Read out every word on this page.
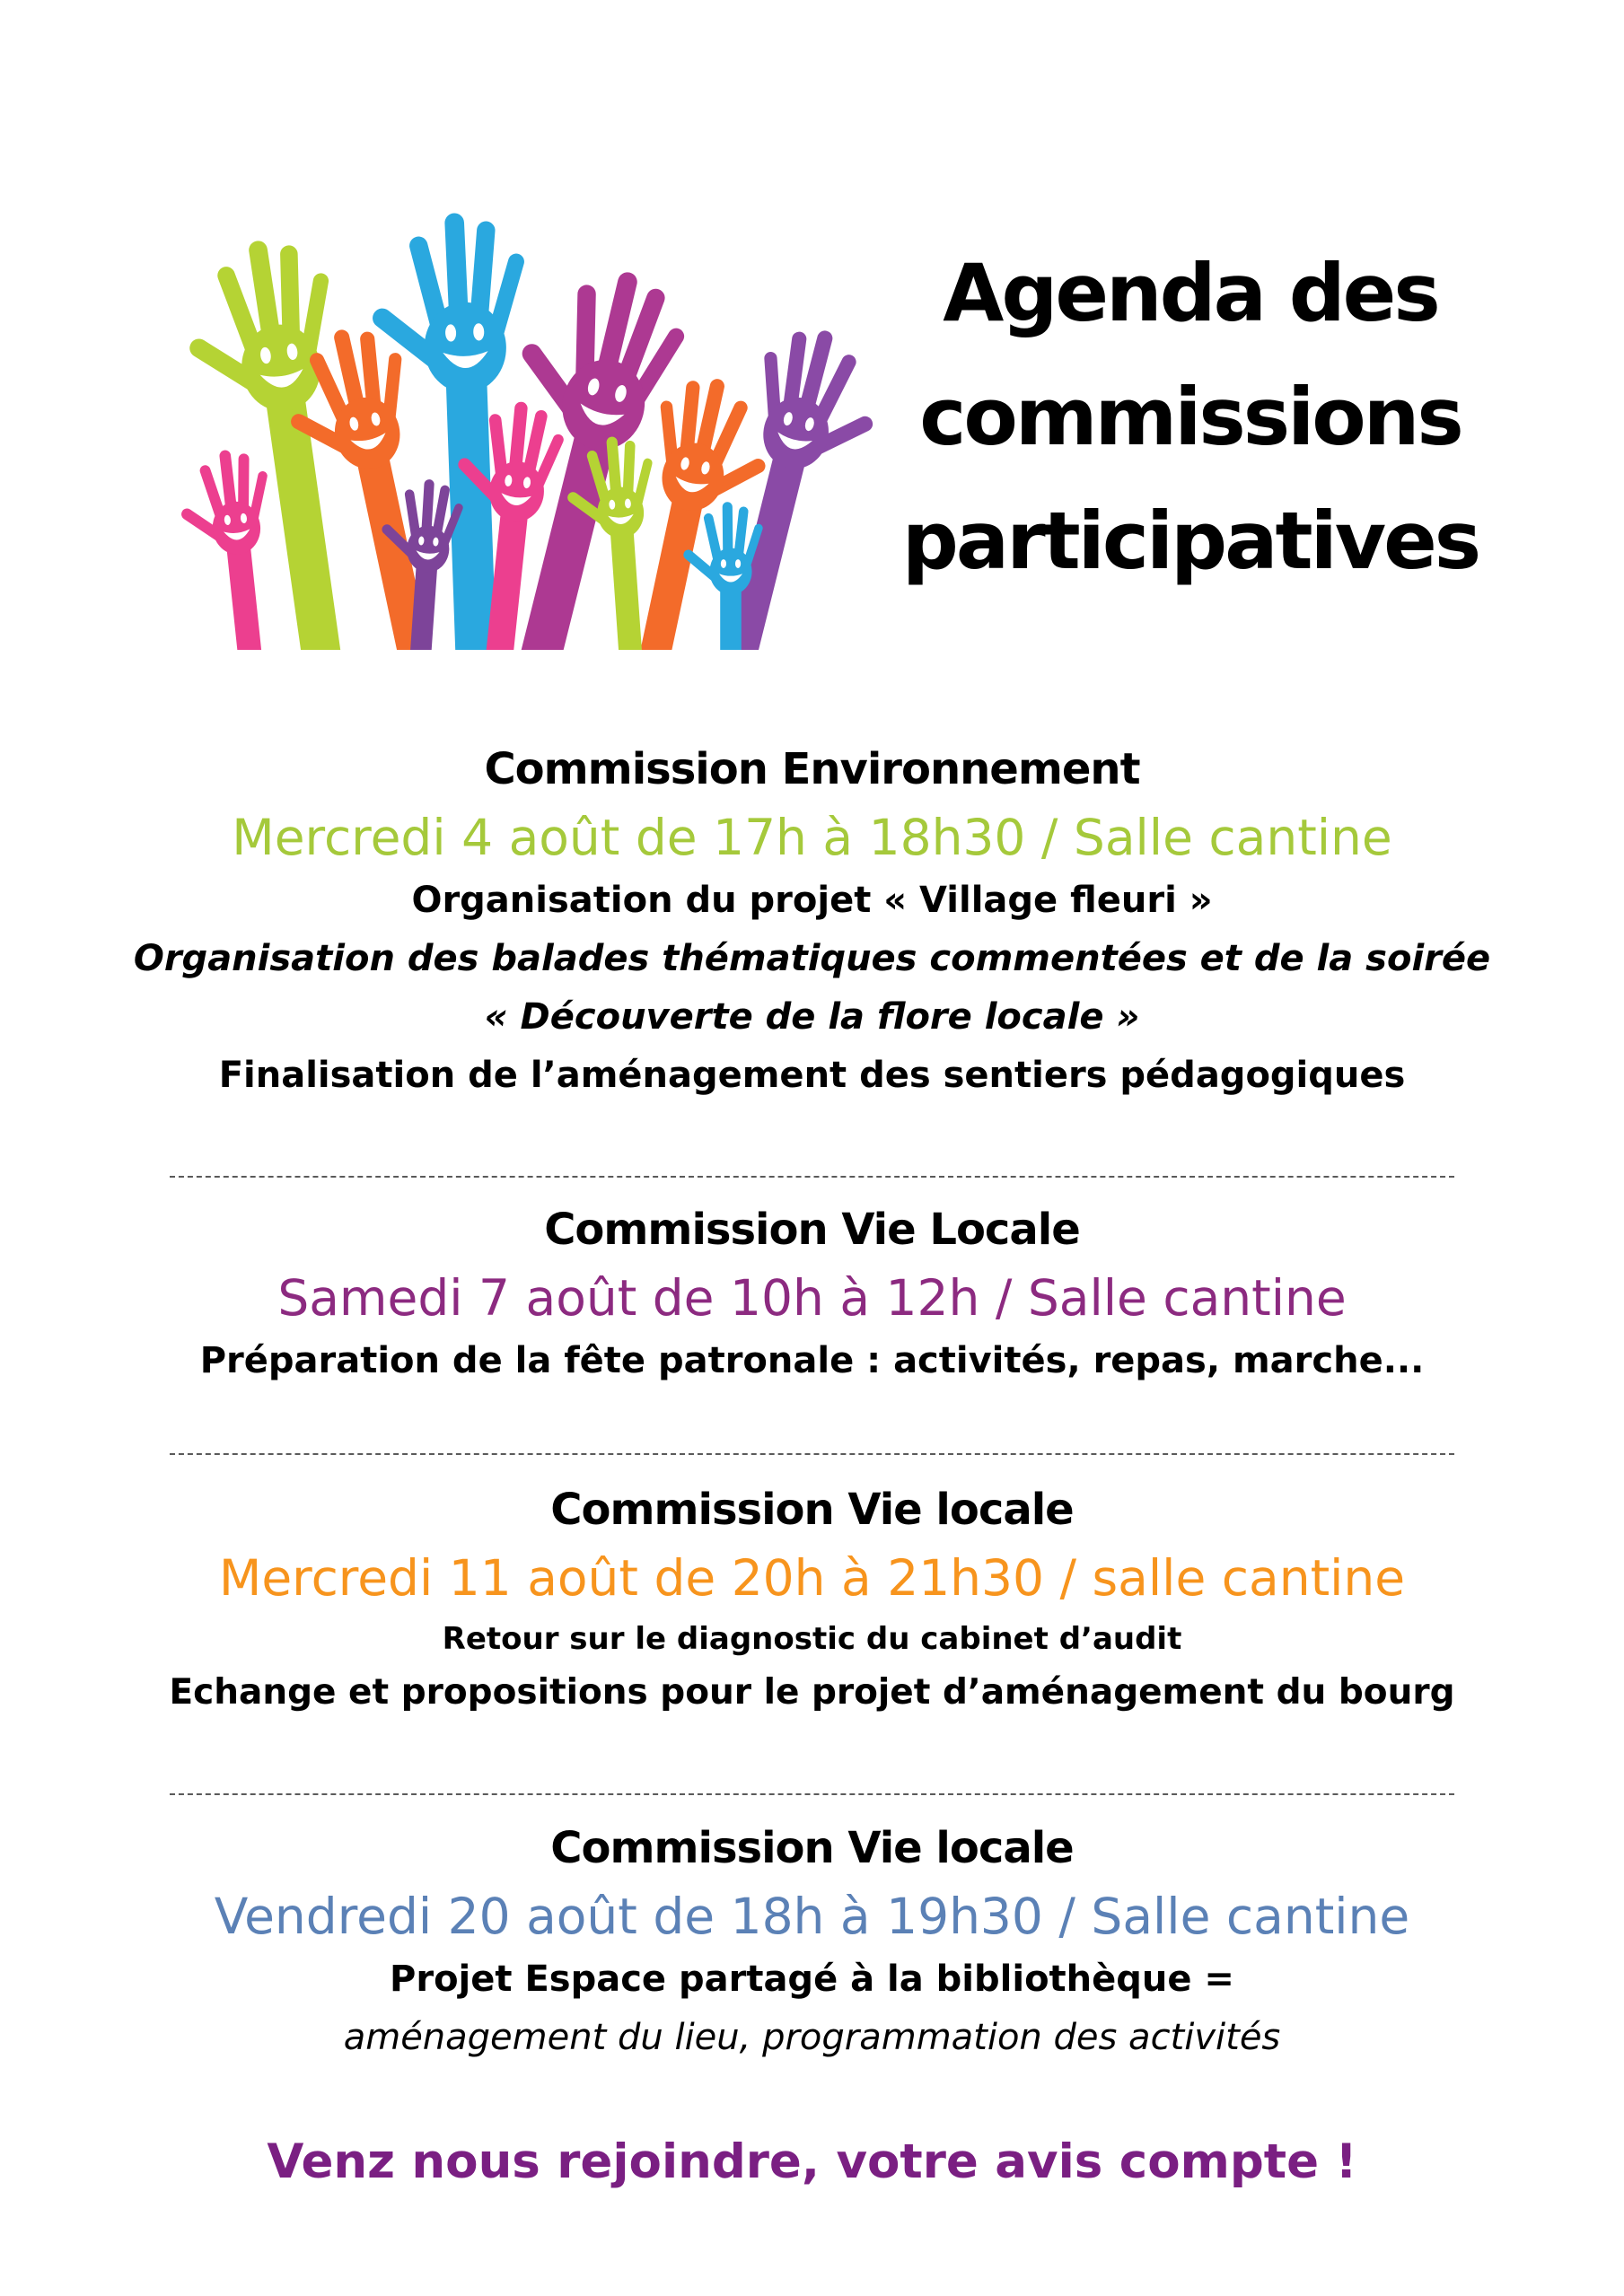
Agenda des
commissions
participatives
Commission Environnement
Mercredi 4 août de 17h à 18h30 / Salle cantine
Organisation du projet « Village fleuri »
Organisation des balades thématiques commentées et de la soirée
« Découverte de la flore locale »
Finalisation de l’aménagement des sentiers pédagogiques
Commission Vie Locale
Samedi 7 août de 10h à 12h / Salle cantine
Préparation de la fête patronale : activités, repas, marche...
Commission Vie locale
Mercredi 11 août de 20h à 21h30 / salle cantine
Retour sur le diagnostic du cabinet d’audit
Echange et propositions pour le projet d’aménagement du bourg
Commission Vie locale
Vendredi 20 août de 18h à 19h30 / Salle cantine
Projet Espace partagé à la bibliothèque =
aménagement du lieu, programmation des activités
Venz nous rejoindre, votre avis compte !
